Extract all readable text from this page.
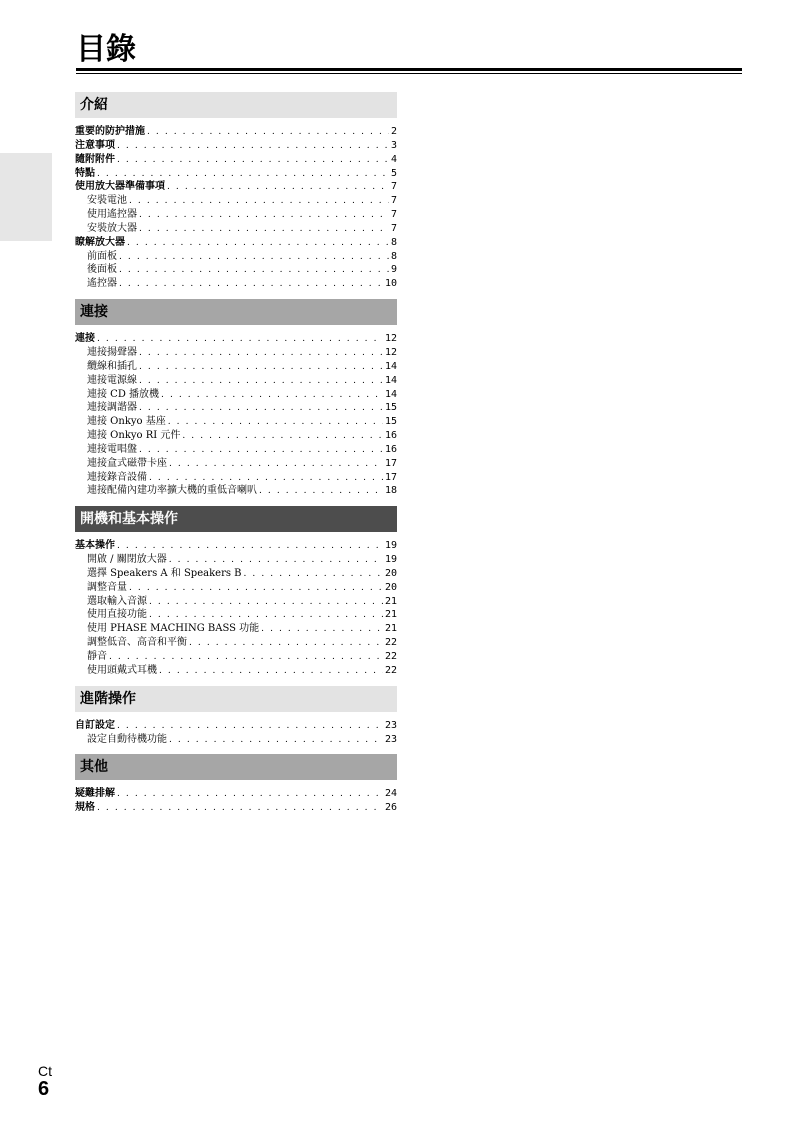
目錄
介紹
重要的防护措施 . . .	2
注意事项 . . .	3
隨附附件 . . .	4
特點 . . .	5
使用放大器準備事項 . . .	7
安裝電池 . . .	7
使用遙控器 . . .	7
安裝放大器 . . .	7
瞭解放大器 . . .	8
前面板 . . .	8
後面板 . . .	9
遙控器 . . .	10
連接
連接 . . .	12
連接揚聲器 . . .	12
纜線和插孔 . . .	14
連接電源線 . . .	14
連接 CD 播放機 . . .	14
連接調諧器 . . .	15
連接 Onkyo 基座 . . .	15
連接 Onkyo RI 元件 . . .	16
連接電唱盤 . . .	16
連接盒式磁帶卡座 . . .	17
連接錄音設備 . . .	17
連接配備內建功率擴大機的重低音喇叭 . . .	18
開機和基本操作
基本操作 . . .	19
開啟 / 關閉放大器 . . .	19
選擇 Speakers A 和 Speakers B . . .	20
調整音量 . . .	20
選取輸入音源 . . .	21
使用直接功能 . . .	21
使用 PHASE MACHING BASS 功能 . . .	21
調整低音、高音和平衡 . . .	22
靜音 . . .	22
使用頭戴式耳機 . . .	22
進階操作
自訂設定 . . .	23
設定自動待機功能 . . .	23
其他
疑難排解 . . .	24
規格 . . .	26
Ct
6
